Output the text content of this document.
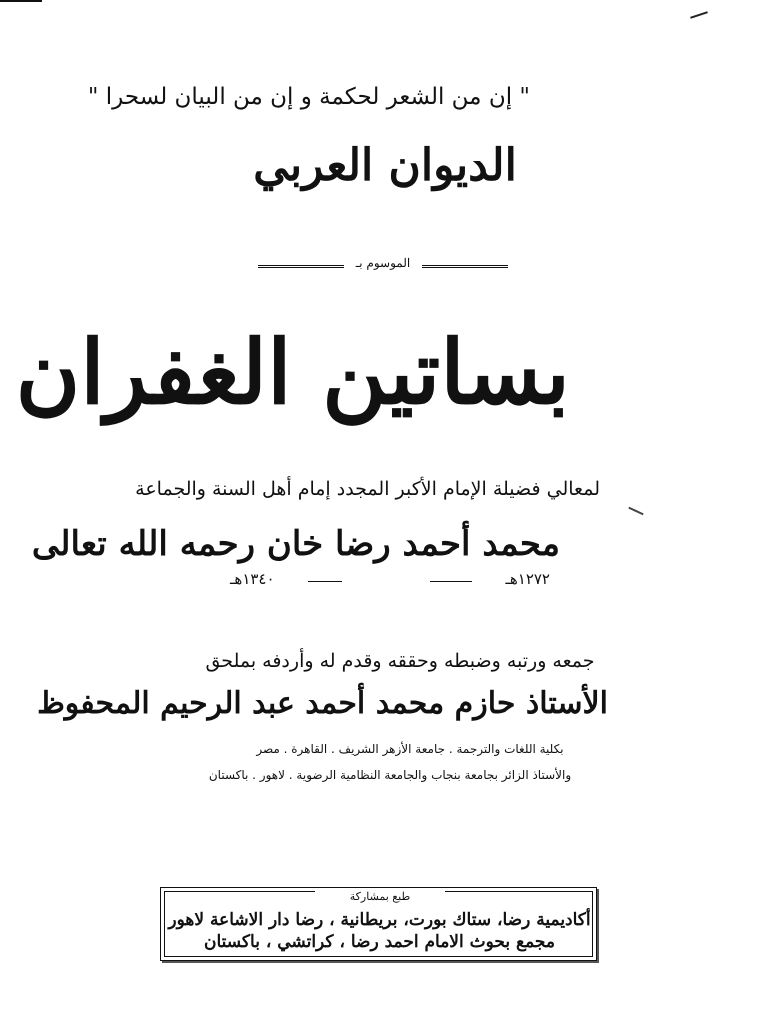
" إن من الشعر لحكمة و إن من البيان لسحرا "
الديوان العربي
الموسوم بـ
بساتين الغفران
لمعالي فضيلة الإمام الأكبر المجدد إمام أهل السنة والجماعة
محمد أحمد رضا خان رحمه الله تعالى
١٣٤٠هـ	١٢٧٢هـ
جمعه ورتبه وضبطه وحققه وقدم له وأردفه بملحق
الأستاذ حازم محمد أحمد عبد الرحيم المحفوظ
بكلية اللغات والترجمة . جامعة الأزهر الشريف . القاهرة . مصر
والأستاذ الزائر بجامعة بنجاب والجامعة النظامية الرضوية . لاهور . باكستان
طبع بمشاركة
أكاديمية رضا، ستاك بورت، بريطانية ، رضا دار الاشاعة لاهور
مجمع بحوث الامام احمد رضا ، كراتشي ، باكستان
